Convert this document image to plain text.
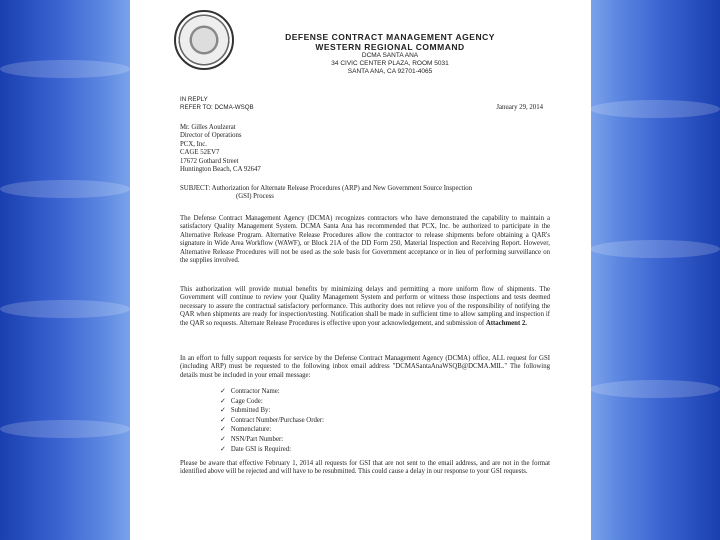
DEFENSE CONTRACT MANAGEMENT AGENCY
WESTERN REGIONAL COMMAND
DCMA SANTA ANA
34 CIVIC CENTER PLAZA, ROOM 5031
SANTA ANA, CA 92701-4065
IN REPLY
REFER TO: DCMA-WSQB	January 29, 2014
Mr. Gilles Aoulzerat
Director of Operations
PCX, Inc.
CAGE 52EV7
17672 Gothard Street
Huntington Beach, CA 92647
SUBJECT: Authorization for Alternate Release Procedures (ARP) and New Government Source Inspection
(GSI) Process
The Defense Contract Management Agency (DCMA) recognizes contractors who have demonstrated the capability to maintain a satisfactory Quality Management System. DCMA Santa Ana has recommended that PCX, Inc. be authorized to participate in the Alternative Release Program. Alternative Release Procedures allow the contractor to release shipments before obtaining a QAR's signature in Wide Area Workflow (WAWF), or Block 21A of the DD Form 250, Material Inspection and Receiving Report. However, Alternative Release Procedures will not be used as the sole basis for Government acceptance or in lieu of performing surveillance on the supplies involved.
This authorization will provide mutual benefits by minimizing delays and permitting a more uniform flow of shipments. The Government will continue to review your Quality Management System and perform or witness those inspections and tests deemed necessary to assure the contractual satisfactory performance. This authority does not relieve you of the responsibility of notifying the QAR when shipments are ready for inspection/testing. Notification shall be made in sufficient time to allow sampling and inspection if the QAR so requests. Alternate Release Procedures is effective upon your acknowledgement, and submission of Attachment 2.
In an effort to fully support requests for service by the Defense Contract Management Agency (DCMA) office, ALL request for GSI (including ARP) must be requested to the following inbox email address "DCMASantaAnaWSQB@DCMA.MIL." The following details must be included in your email message:
✓ Contractor Name:
✓ Cage Code:
✓ Submitted By:
✓ Contract Number/Purchase Order:
✓ Nomenclature:
✓ NSN/Part Number:
✓ Date GSI is Required:
Please be aware that effective February 1, 2014 all requests for GSI that are not sent to the email address, and are not in the format identified above will be rejected and will have to be resubmitted. This could cause a delay in our response to your GSI requests.
